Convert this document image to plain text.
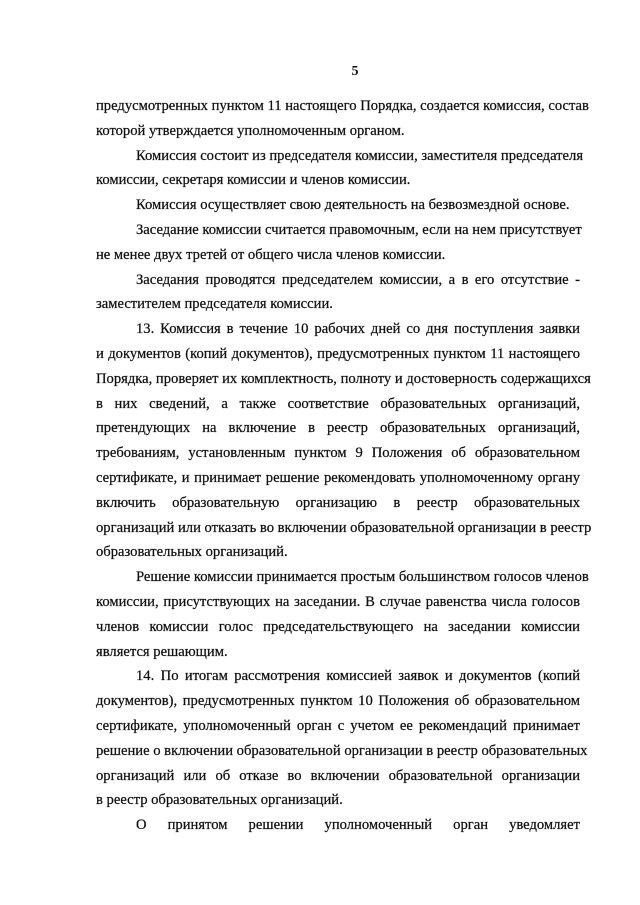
5
предусмотренных пунктом 11 настоящего Порядка, создается комиссия, состав
которой утверждается уполномоченным органом.
Комиссия состоит из председателя комиссии, заместителя председателя
комиссии, секретаря комиссии и членов комиссии.
Комиссия осуществляет свою деятельность на безвозмездной основе.
Заседание комиссии считается правомочным, если на нем присутствует
не менее двух третей от общего числа членов комиссии.
Заседания проводятся председателем комиссии, а в его отсутствие -
заместителем председателя комиссии.
13. Комиссия в течение 10 рабочих дней со дня поступления заявки
и документов (копий документов), предусмотренных пунктом 11 настоящего
Порядка, проверяет их комплектность, полноту и достоверность содержащихся
в них сведений, а также соответствие образовательных организаций,
претендующих на включение в реестр образовательных организаций,
требованиям, установленным пунктом 9 Положения об образовательном
сертификате, и принимает решение рекомендовать уполномоченному органу
включить образовательную организацию в реестр образовательных
организаций или отказать во включении образовательной организации в реестр
образовательных организаций.
Решение комиссии принимается простым большинством голосов членов
комиссии, присутствующих на заседании. В случае равенства числа голосов
членов комиссии голос председательствующего на заседании комиссии
является решающим.
14. По итогам рассмотрения комиссией заявок и документов (копий
документов), предусмотренных пунктом 10 Положения об образовательном
сертификате, уполномоченный орган с учетом ее рекомендаций принимает
решение о включении образовательной организации в реестр образовательных
организаций или об отказе во включении образовательной организации
в реестр образовательных организаций.
О принятом решении уполномоченный орган уведомляет
